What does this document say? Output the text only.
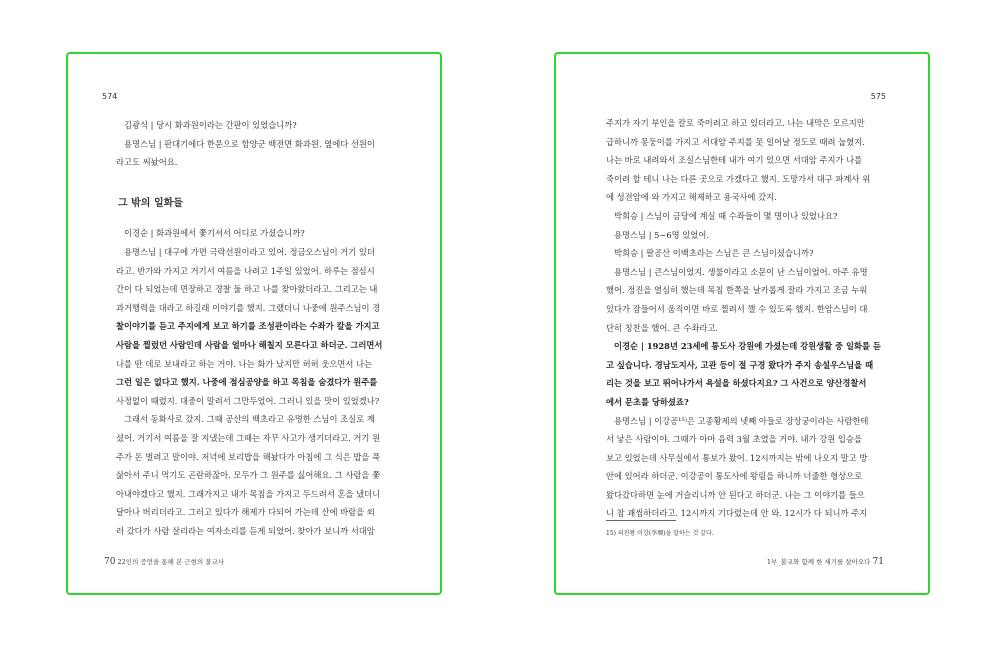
574
김광식 | 당시 화과원이라는 간판이 있었습니까?
용명스님 | 판대기에다 한문으로 함양군 백전면 화과원. 옆에다 선원이
라고도 써놨어요.
그 밖의 일화들
이경순 | 화과원에서 쫓기셔서 어디로 가셨습니까?
용명스님 | 대구에 가면 극락선원이라고 있어. 정금오스님이 거기 있더
라고. 반가와 가지고 거기서 여름을 나려고 1주일 있었어. 하루는 점심시
간이 다 되었는데 면장하고 경찰 둘 하고 나를 찾아왔더라고. 그리고는 내
과거행력을 대라고 하길래 이야기를 했지. 그랬더니 나중에 원주스님이 경
찰이야기를 듣고 주지에게 보고 하기를 조성관이라는 수좌가 칼을 가지고
사람을 찔렀던 사람인데 사람을 얼마나 해칠지 모른다고 하더군. 그러면서
나를 딴 데로 보내라고 하는 거야. 나는 화가 났지만 허허 웃으면서 나는
그런 일은 없다고 했지. 나중에 점심공양을 하고 목침을 숨겼다가 원주를
사정없이 때렸지. 대중이 말려서 그만두었어. 그러니 있을 맛이 있었겠나?
그래서 동화사로 갔지. 그때 공산의 백초라고 유명한 스님이 조실로 계
셨어. 거기서 여름을 잘 지냈는데 그때는 자꾸 사고가 생기더라고. 거기 원
주가 돈 벌려고 말이야. 저녁에 보리밥을 해놨다가 아침에 그 식은 밥을 푹
삶아서 주니 먹기도 곤란하잖아. 모두가 그 원주를 싫어해요. 그 사람을 쫓
아내야겠다고 했지. 그래가지고 내가 목침을 가지고 두드려서 혼을 냈더니
달아나 버리더라고. 그러고 있다가 해제가 다되어 가는데 산에 바람을 쐬
러 갔다가 사람 살리라는 여자소리를 듣게 되었어. 찾아가 보니까 서대암
70 22인의 증언을 통해 본 근현의 불교사
575
주지가 자기 부인을 칼로 죽이려고 하고 있더라고. 나는 내막은 모르지만
급하니까 몽둥이를 가지고 서대암 주지를 못 일어날 정도로 때려 눕혔지.
나는 바로 내려와서 조실스님한테 내가 여기 있으면 서대암 주지가 나를
죽이려 할 테니 나는 다른 곳으로 가겠다고 했지. 도망가서 대구 파계사 위
에 성전암에 와 가지고 해제하고 용국사에 갔지.
박희승 | 스님이 금당에 계실 때 수좌들이 몇 명이나 있었나요?
용명스님 | 5~6명 있었어.
박희승 | 팔공산 이백초라는 스님은 큰 스님이셨습니까?
용명스님 | 큰스님이었지. 생불이라고 소문이 난 스님이었어. 아주 유명
했어. 정진을 열심히 했는데 목침 한쪽을 날카롭게 잘라 가지고 조금 누워
있다가 잠들어서 움직이면 바로 찔려서 깰 수 있도록 했지. 한암스님이 대
단히 칭찬을 했어. 큰 수좌라고.
이경순 | 1928년 23세에 통도사 강원에 가셨는데 강원생활 중 일화를 듣
고 싶습니다. 경남도지사, 고관 등이 절 구경 왔다가 주지 송설우스님을 때
리는 것을 보고 뛰어나가서 욕설을 하셨다지요? 그 사건으로 양산경찰서
에서 문초를 당하셨죠?
용명스님 | 이강공¹⁵⁾은 고종황제의 넷째 아들로 장상궁이라는 사람한테
서 낳은 사람이야. 그때가 아마 음력 3월 초였을 거야. 내가 강원 입승을
보고 있었는데 사무실에서 통보가 왔어. 12시까지는 밖에 나오지 말고 방
안에 있어라 하더군. 이강공이 통도사에 왕림을 하니까 너줄한 형상으로
왔다갔다하면 눈에 거슬리니까 안 된다고 하더군. 나는 그 이야기를 들으
니 참 괘씸하더라고. 12시까지 기다렸는데 안 와. 12시가 다 되니까 주지
15) 의친왕 이강(李堈)을 말하는 것 같다.
1부_불교와 함께 한 세기를 살아오다 71
